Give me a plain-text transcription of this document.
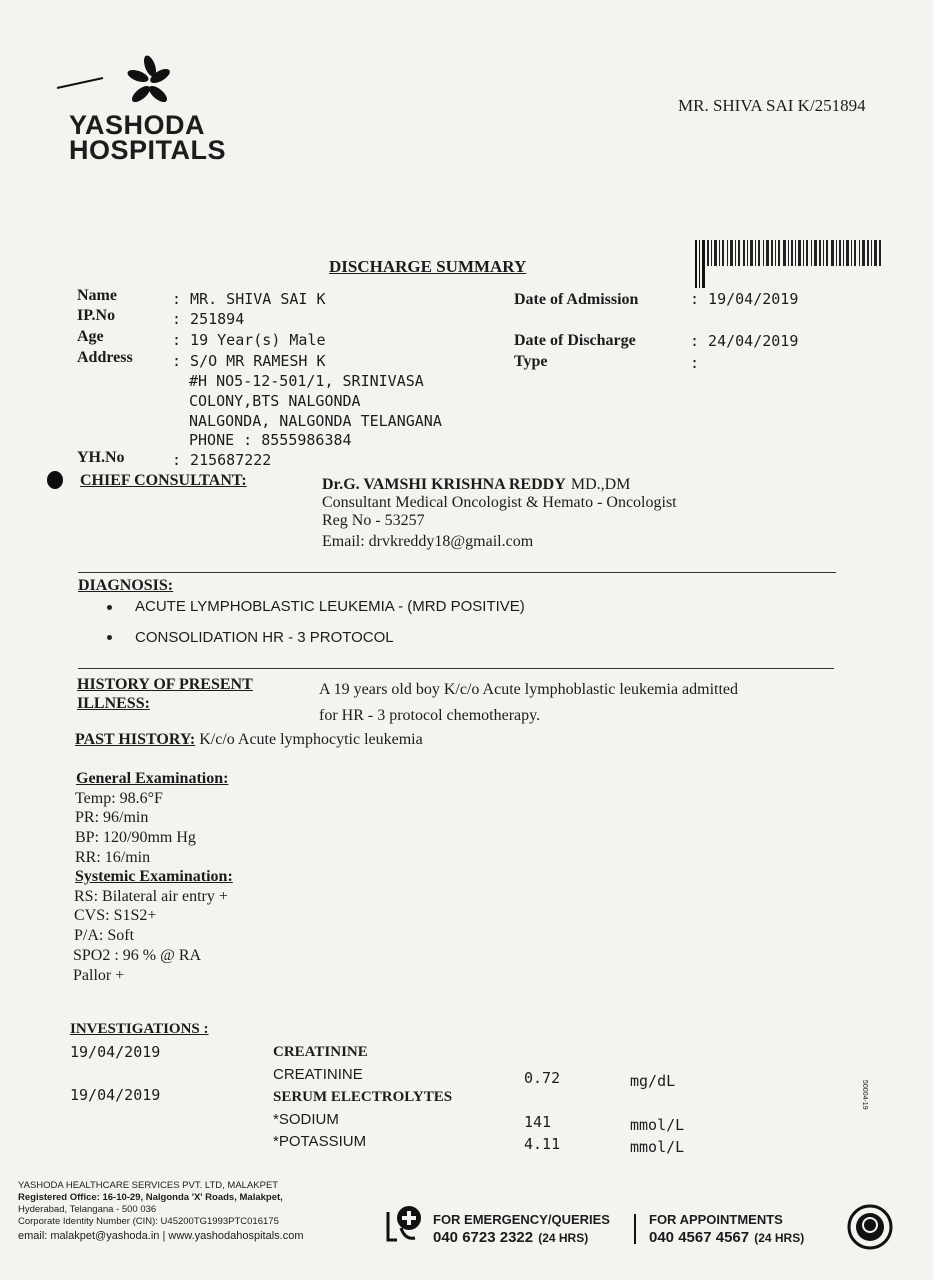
YASHODA
HOSPITALS
MR. SHIVA SAI K/251894
DISCHARGE SUMMARY
Name	: MR. SHIVA SAI K
IP.No	: 251894
Age	: 19 Year(s) Male
Address	: S/O MR RAMESH K
#H NO5-12-501/1, SRINIVASA
COLONY,BTS NALGONDA
NALGONDA, NALGONDA TELANGANA
PHONE : 8555986384
YH.No	: 215687222
Date of Admission	: 19/04/2019
Date of Discharge	: 24/04/2019
Type	:
CHIEF CONSULTANT:	Dr.G. VAMSHI KRISHNA REDDY MD.,DM
Consultant Medical Oncologist & Hemato - Oncologist
Reg No - 53257
Email: drvkreddy18@gmail.com
DIAGNOSIS:
ACUTE LYMPHOBLASTIC LEUKEMIA - (MRD POSITIVE)
CONSOLIDATION HR - 3 PROTOCOL
HISTORY OF PRESENT
ILLNESS:
A 19 years old boy K/c/o Acute lymphoblastic leukemia admitted
for HR - 3 protocol chemotherapy.
PAST HISTORY: K/c/o Acute lymphocytic leukemia
General Examination:
Temp: 98.6°F
PR: 96/min
BP: 120/90mm Hg
RR: 16/min
Systemic Examination:
RS: Bilateral air entry +
CVS: S1S2+
P/A: Soft
SPO2 : 96 % @ RA
Pallor +
INVESTIGATIONS :
19/04/2019	CREATININE
CREATININE	0.72	mg/dL
19/04/2019	SERUM ELECTROLYTES
*SODIUM	141	mmol/L
*POTASSIUM	4.11	mmol/L
50004-19
YASHODA HEALTHCARE SERVICES PVT. LTD, MALAKPET
Registered Office: 16-10-29, Nalgonda 'X' Roads, Malakpet,
Hyderabad, Telangana - 500 036
Corporate Identity Number (CIN): U45200TG1993PTC016175
email: malakpet@yashoda.in | www.yashodahospitals.com
FOR EMERGENCY/QUERIES
040 6723 2322 (24 HRS)
FOR APPOINTMENTS
040 4567 4567 (24 HRS)
